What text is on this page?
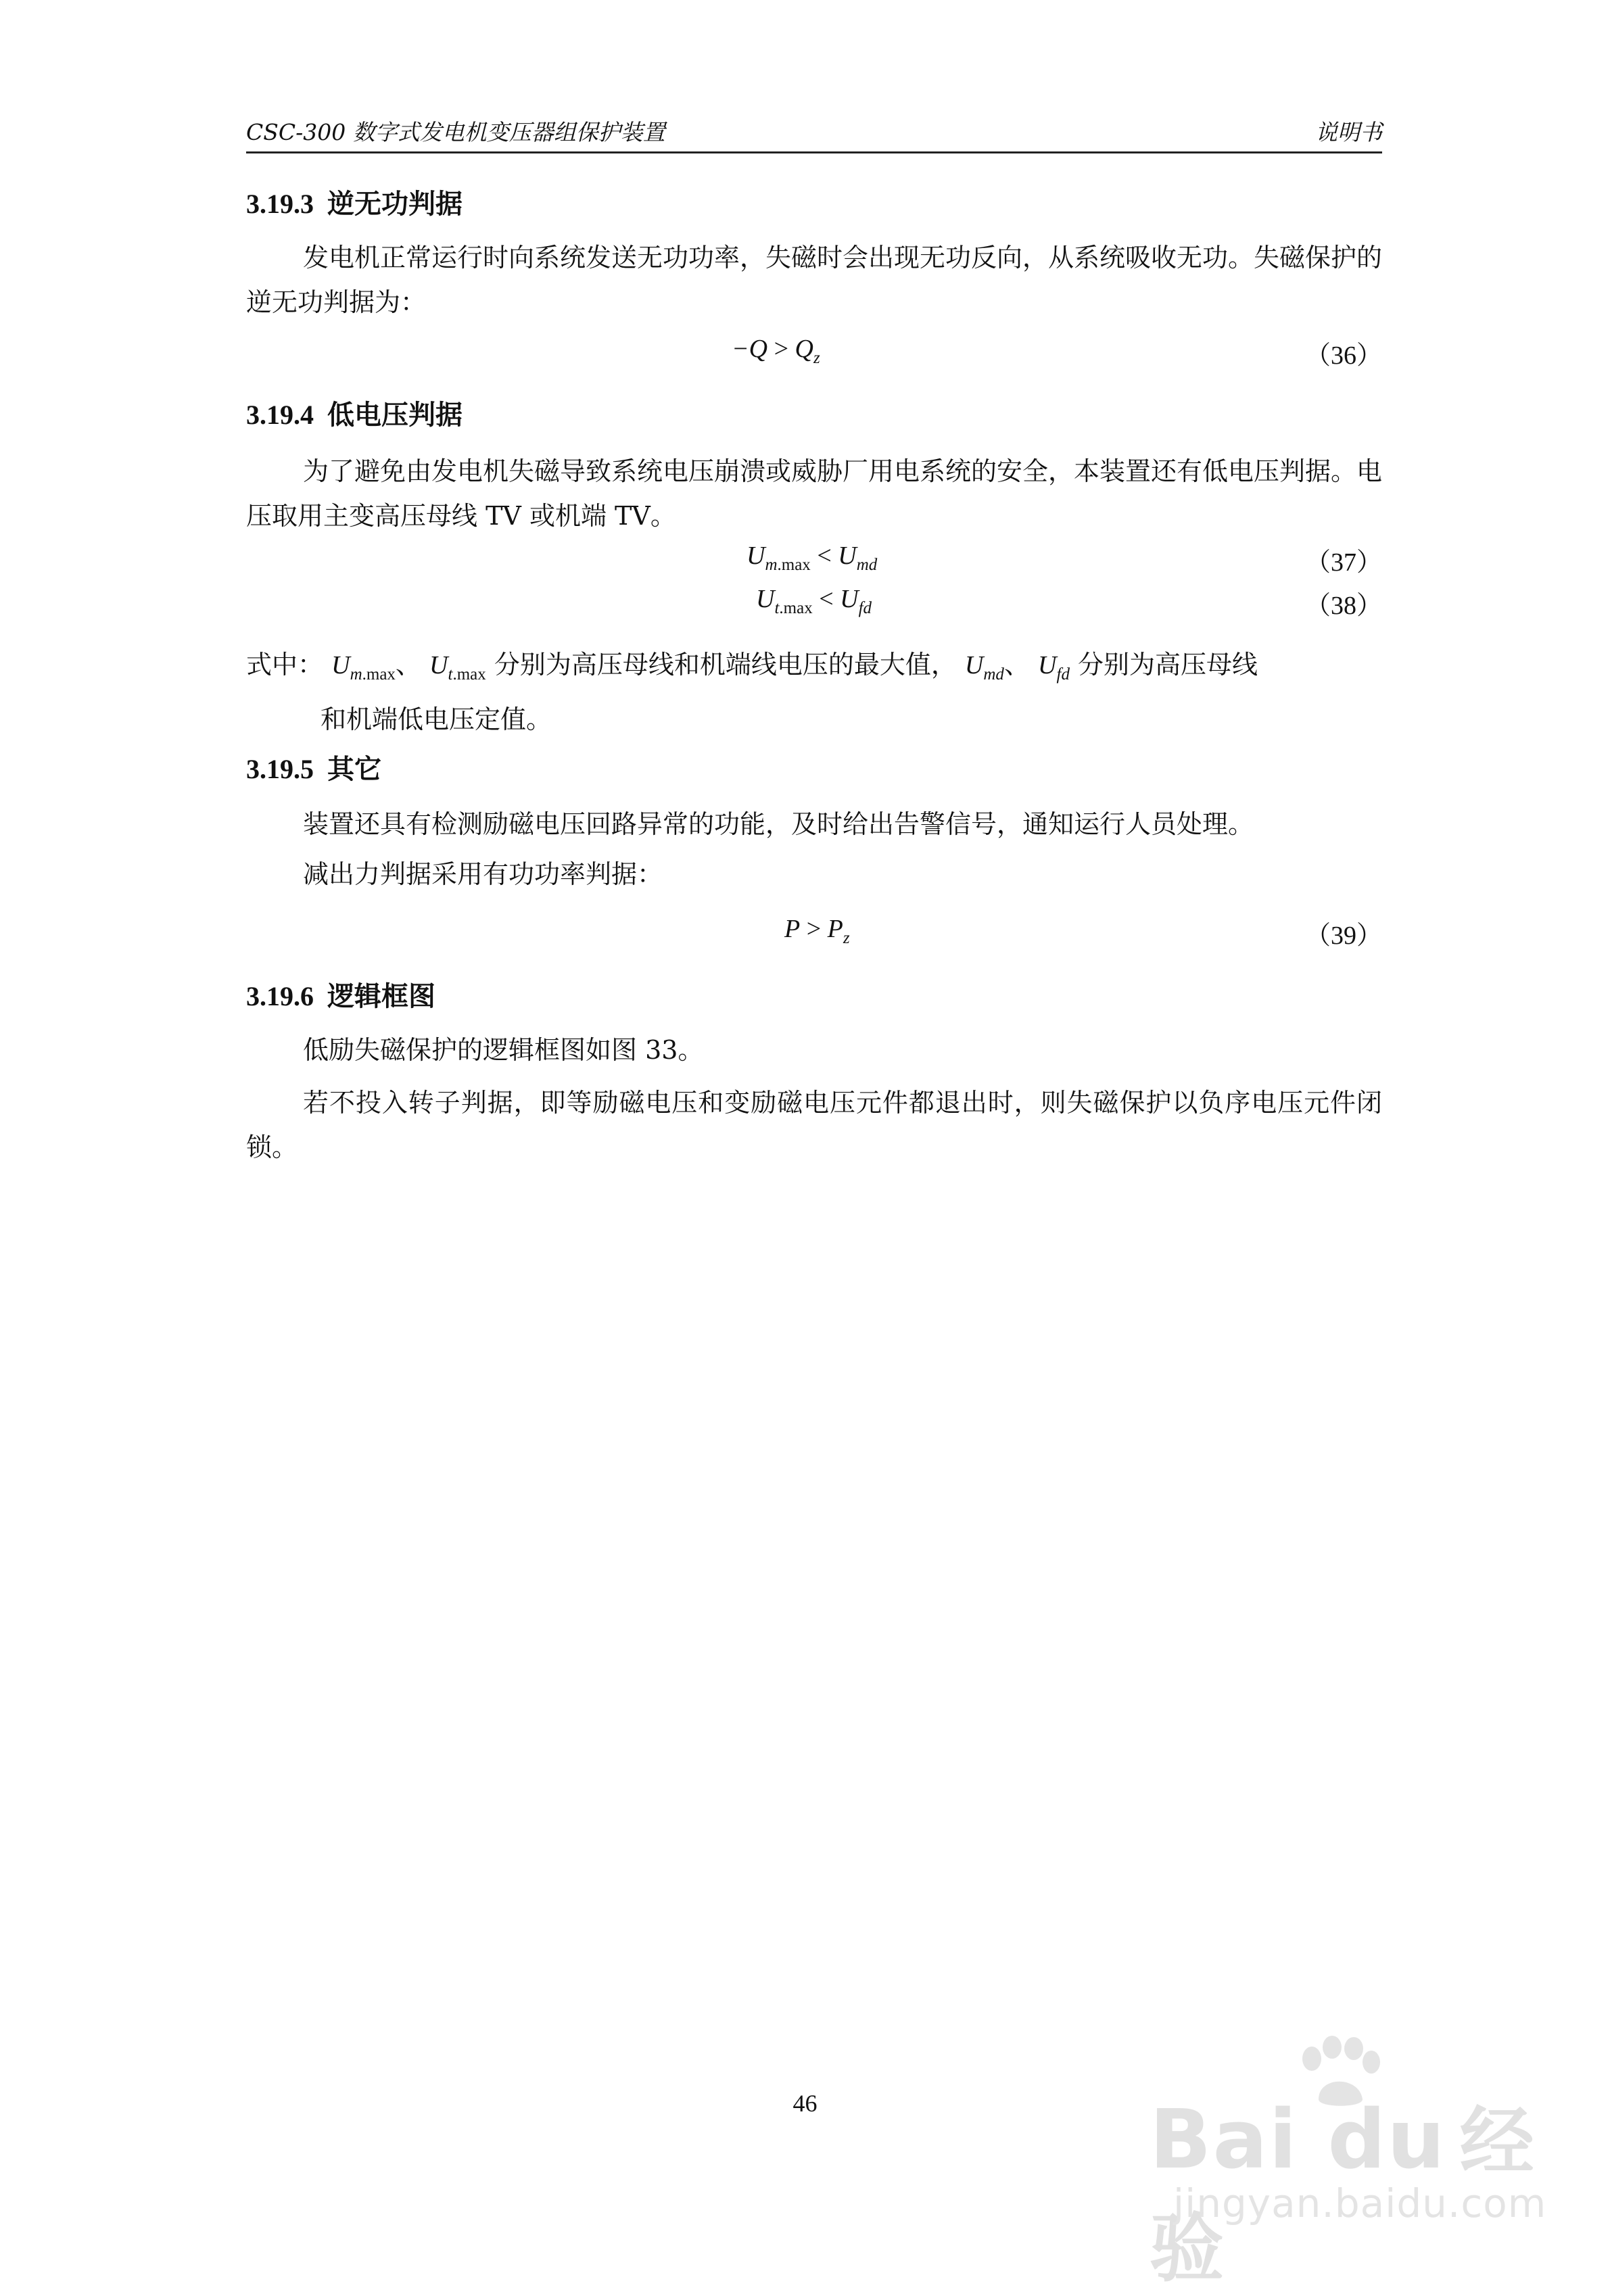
CSC-300 数字式发电机变压器组保护装置	说明书
3.19.3 逆无功判据
发电机正常运行时向系统发送无功功率，失磁时会出现无功反向，从系统吸收无功。失磁保护的逆无功判据为：
$-Q > Q_z$	（36）
3.19.4 低电压判据
为了避免由发电机失磁导致系统电压崩溃或威胁厂用电系统的安全，本装置还有低电压判据。电压取用主变高压母线 TV 或机端 TV。
$U_{m.max} < U_{md}$	（37）
$U_{t.max} < U_{fd}$	（38）
式中： $U_{m.max}$、 $U_{t.max}$ 分别为高压母线和机端线电压的最大值， $U_{md}$、 $U_{fd}$ 分别为高压母线
和机端低电压定值。
3.19.5 其它
装置还具有检测励磁电压回路异常的功能，及时给出告警信号，通知运行人员处理。
减出力判据采用有功功率判据：
$P > P_z$	（39）
3.19.6 逻辑框图
低励失磁保护的逻辑框图如图 33。
若不投入转子判据，即等励磁电压和变励磁电压元件都退出时，则失磁保护以负序电压元件闭锁。
46	Bai du 经验
jingyan.baidu.com
